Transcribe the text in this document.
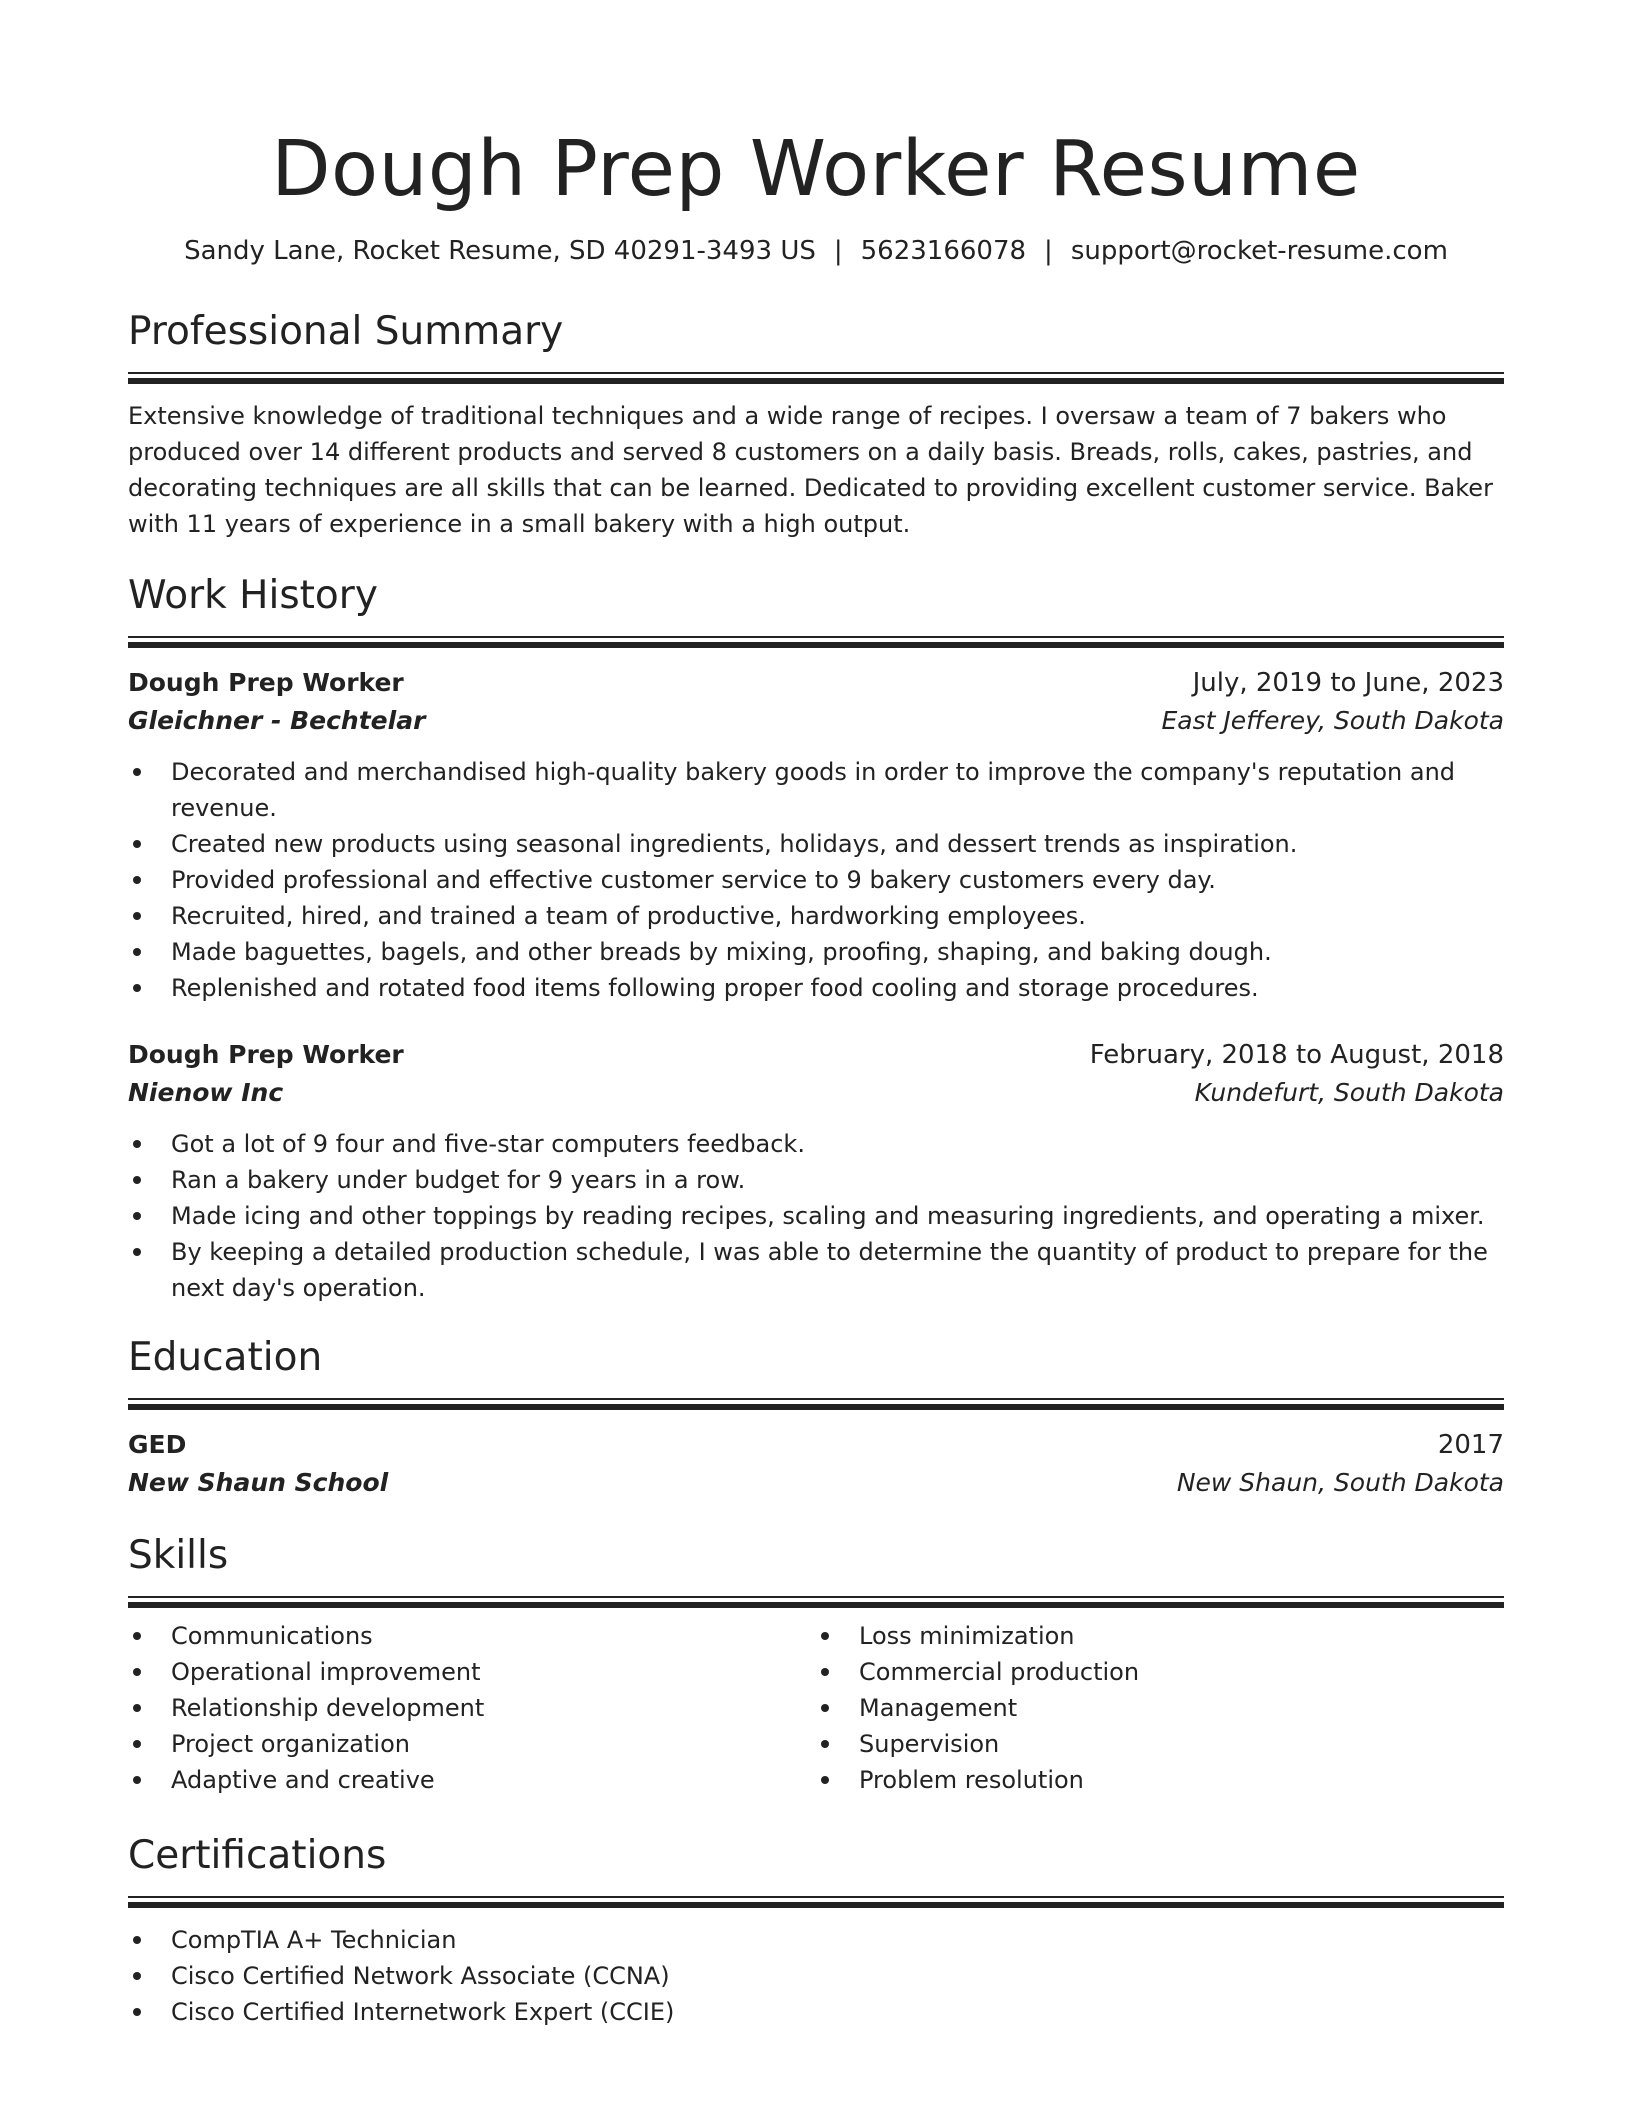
Dough Prep Worker Resume
Sandy Lane, Rocket Resume, SD 40291-3493 US | 5623166078 | support@rocket-resume.com
Professional Summary

Extensive knowledge of traditional techniques and a wide range of recipes. I oversaw a team of 7 bakers who produced over 14 different products and served 8 customers on a daily basis. Breads, rolls, cakes, pastries, and decorating techniques are all skills that can be learned. Dedicated to providing excellent customer service. Baker with 11 years of experience in a small bakery with a high output.

Work History
Dough Prep Worker	July, 2019 to June, 2023
Gleichner - Bechtelar	East Jefferey, South Dakota
Decorated and merchandised high-quality bakery goods in order to improve the company's reputation and revenue.
Created new products using seasonal ingredients, holidays, and dessert trends as inspiration.
Provided professional and effective customer service to 9 bakery customers every day.
Recruited, hired, and trained a team of productive, hardworking employees.
Made baguettes, bagels, and other breads by mixing, proofing, shaping, and baking dough.
Replenished and rotated food items following proper food cooling and storage procedures.
Dough Prep Worker	February, 2018 to August, 2018
Nienow Inc	Kundefurt, South Dakota
Got a lot of 9 four and five-star computers feedback.
Ran a bakery under budget for 9 years in a row.
Made icing and other toppings by reading recipes, scaling and measuring ingredients, and operating a mixer.
By keeping a detailed production schedule, I was able to determine the quantity of product to prepare for the next day's operation.
Education
GED	2017
New Shaun School	New Shaun, South Dakota
Skills
Communications
Operational improvement
Relationship development
Project organization
Adaptive and creative
Loss minimization
Commercial production
Management
Supervision
Problem resolution
Certifications
CompTIA A+ Technician
Cisco Certified Network Associate (CCNA)
Cisco Certified Internetwork Expert (CCIE)
